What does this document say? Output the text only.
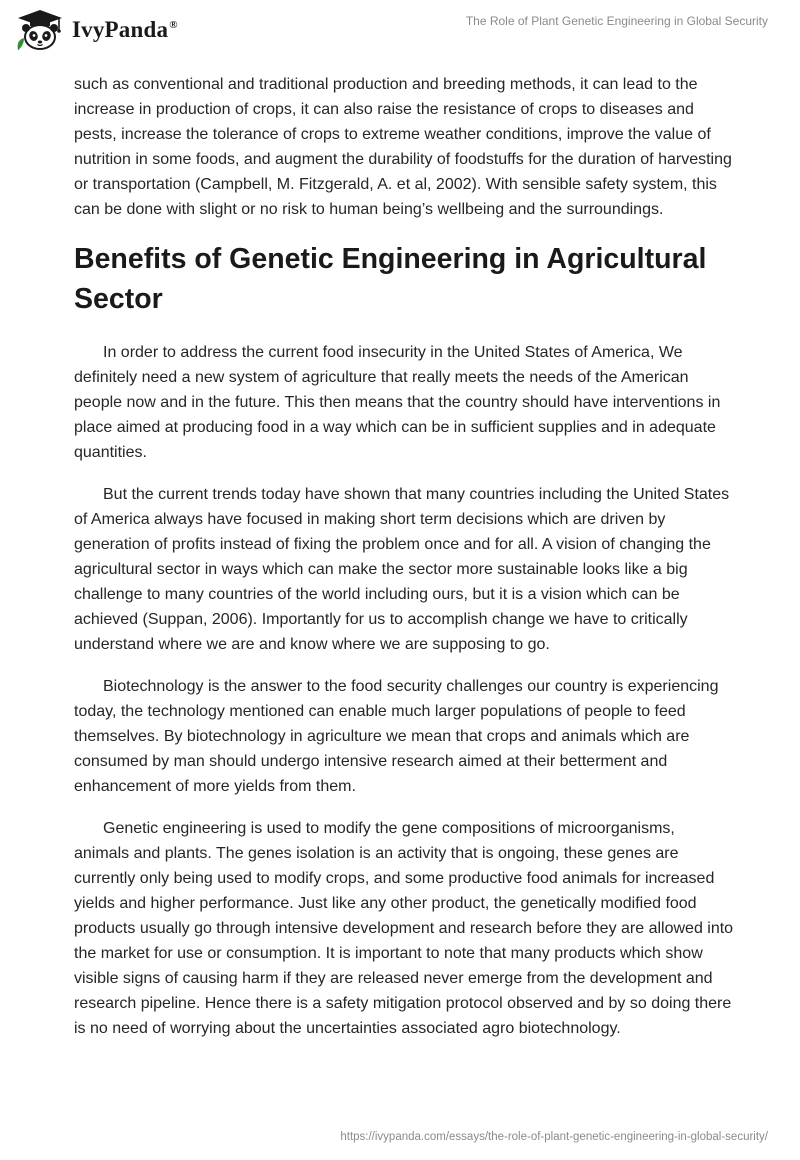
IvyPanda®	The Role of Plant Genetic Engineering in Global Security

such as conventional and traditional production and breeding methods, it can lead to the increase in production of crops, it can also raise the resistance of crops to diseases and pests, increase the tolerance of crops to extreme weather conditions, improve the value of nutrition in some foods, and augment the durability of foodstuffs for the duration of harvesting or transportation (Campbell, M. Fitzgerald, A. et al, 2002). With sensible safety system, this can be done with slight or no risk to human being’s wellbeing and the surroundings.

Benefits of Genetic Engineering in Agricultural Sector

In order to address the current food insecurity in the United States of America, We definitely need a new system of agriculture that really meets the needs of the American people now and in the future. This then means that the country should have interventions in place aimed at producing food in a way which can be in sufficient supplies and in adequate quantities.

But the current trends today have shown that many countries including the United States of America always have focused in making short term decisions which are driven by generation of profits instead of fixing the problem once and for all. A vision of changing the agricultural sector in ways which can make the sector more sustainable looks like a big challenge to many countries of the world including ours, but it is a vision which can be achieved (Suppan, 2006). Importantly for us to accomplish change we have to critically understand where we are and know where we are supposing to go.

Biotechnology is the answer to the food security challenges our country is experiencing today, the technology mentioned can enable much larger populations of people to feed themselves. By biotechnology in agriculture we mean that crops and animals which are consumed by man should undergo intensive research aimed at their betterment and enhancement of more yields from them.

Genetic engineering is used to modify the gene compositions of microorganisms, animals and plants. The genes isolation is an activity that is ongoing, these genes are currently only being used to modify crops, and some productive food animals for increased yields and higher performance. Just like any other product, the genetically modified food products usually go through intensive development and research before they are allowed into the market for use or consumption. It is important to note that many products which show visible signs of causing harm if they are released never emerge from the development and research pipeline. Hence there is a safety mitigation protocol observed and by so doing there is no need of worrying about the uncertainties associated agro biotechnology.

https://ivypanda.com/essays/the-role-of-plant-genetic-engineering-in-global-security/
